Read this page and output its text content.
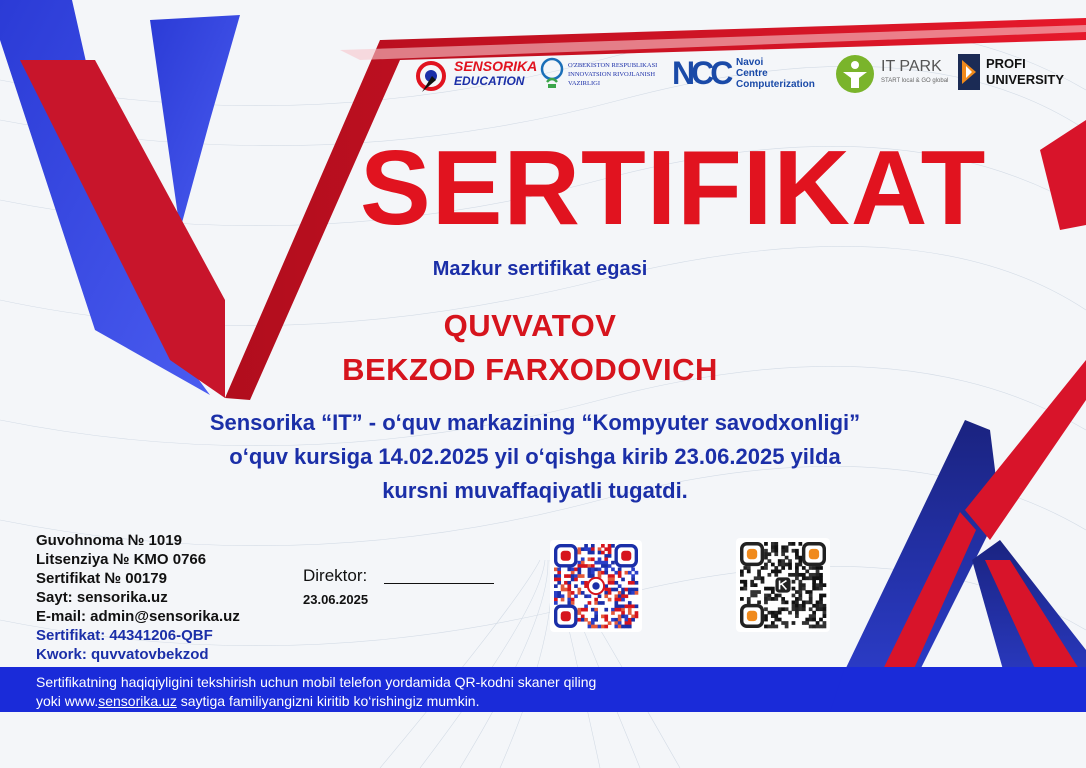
SENSORIKA
EDUCATION
O'ZBEKISTON RESPUBLIKASI
INNOVATSION RIVOJLANISH
VAZIRLIGI NCC Navoi
Centre
Computerization
IT PARK
START local & GO global
PROFI
UNIVERSITY
SERTIFIKAT
Mazkur sertifikat egasi
QUVVATOV
BEKZOD FARXODOVICH
Sensorika “IT” - o‘quv markazining “Kompyuter savodxonligi”
o‘quv kursiga 14.02.2025 yil o‘qishga kirib 23.06.2025 yilda
kursni muvaffaqiyatli tugatdi.
Guvohnoma № 1019
Litsenziya № KMO 0766
Sertifikat № 00179
Sayt: sensorika.uz
E-mail: admin@sensorika.uz
Sertifikat: 44341206-QBF
Kwork: quvvatovbekzod
Direktor:
23.06.2025
Sertifikatning haqiqiyligini tekshirish uchun mobil telefon yordamida QR-kodni skaner qiling
yoki www.sensorika.uz saytiga familiyangizni kiritib ko‘rishingiz mumkin.
